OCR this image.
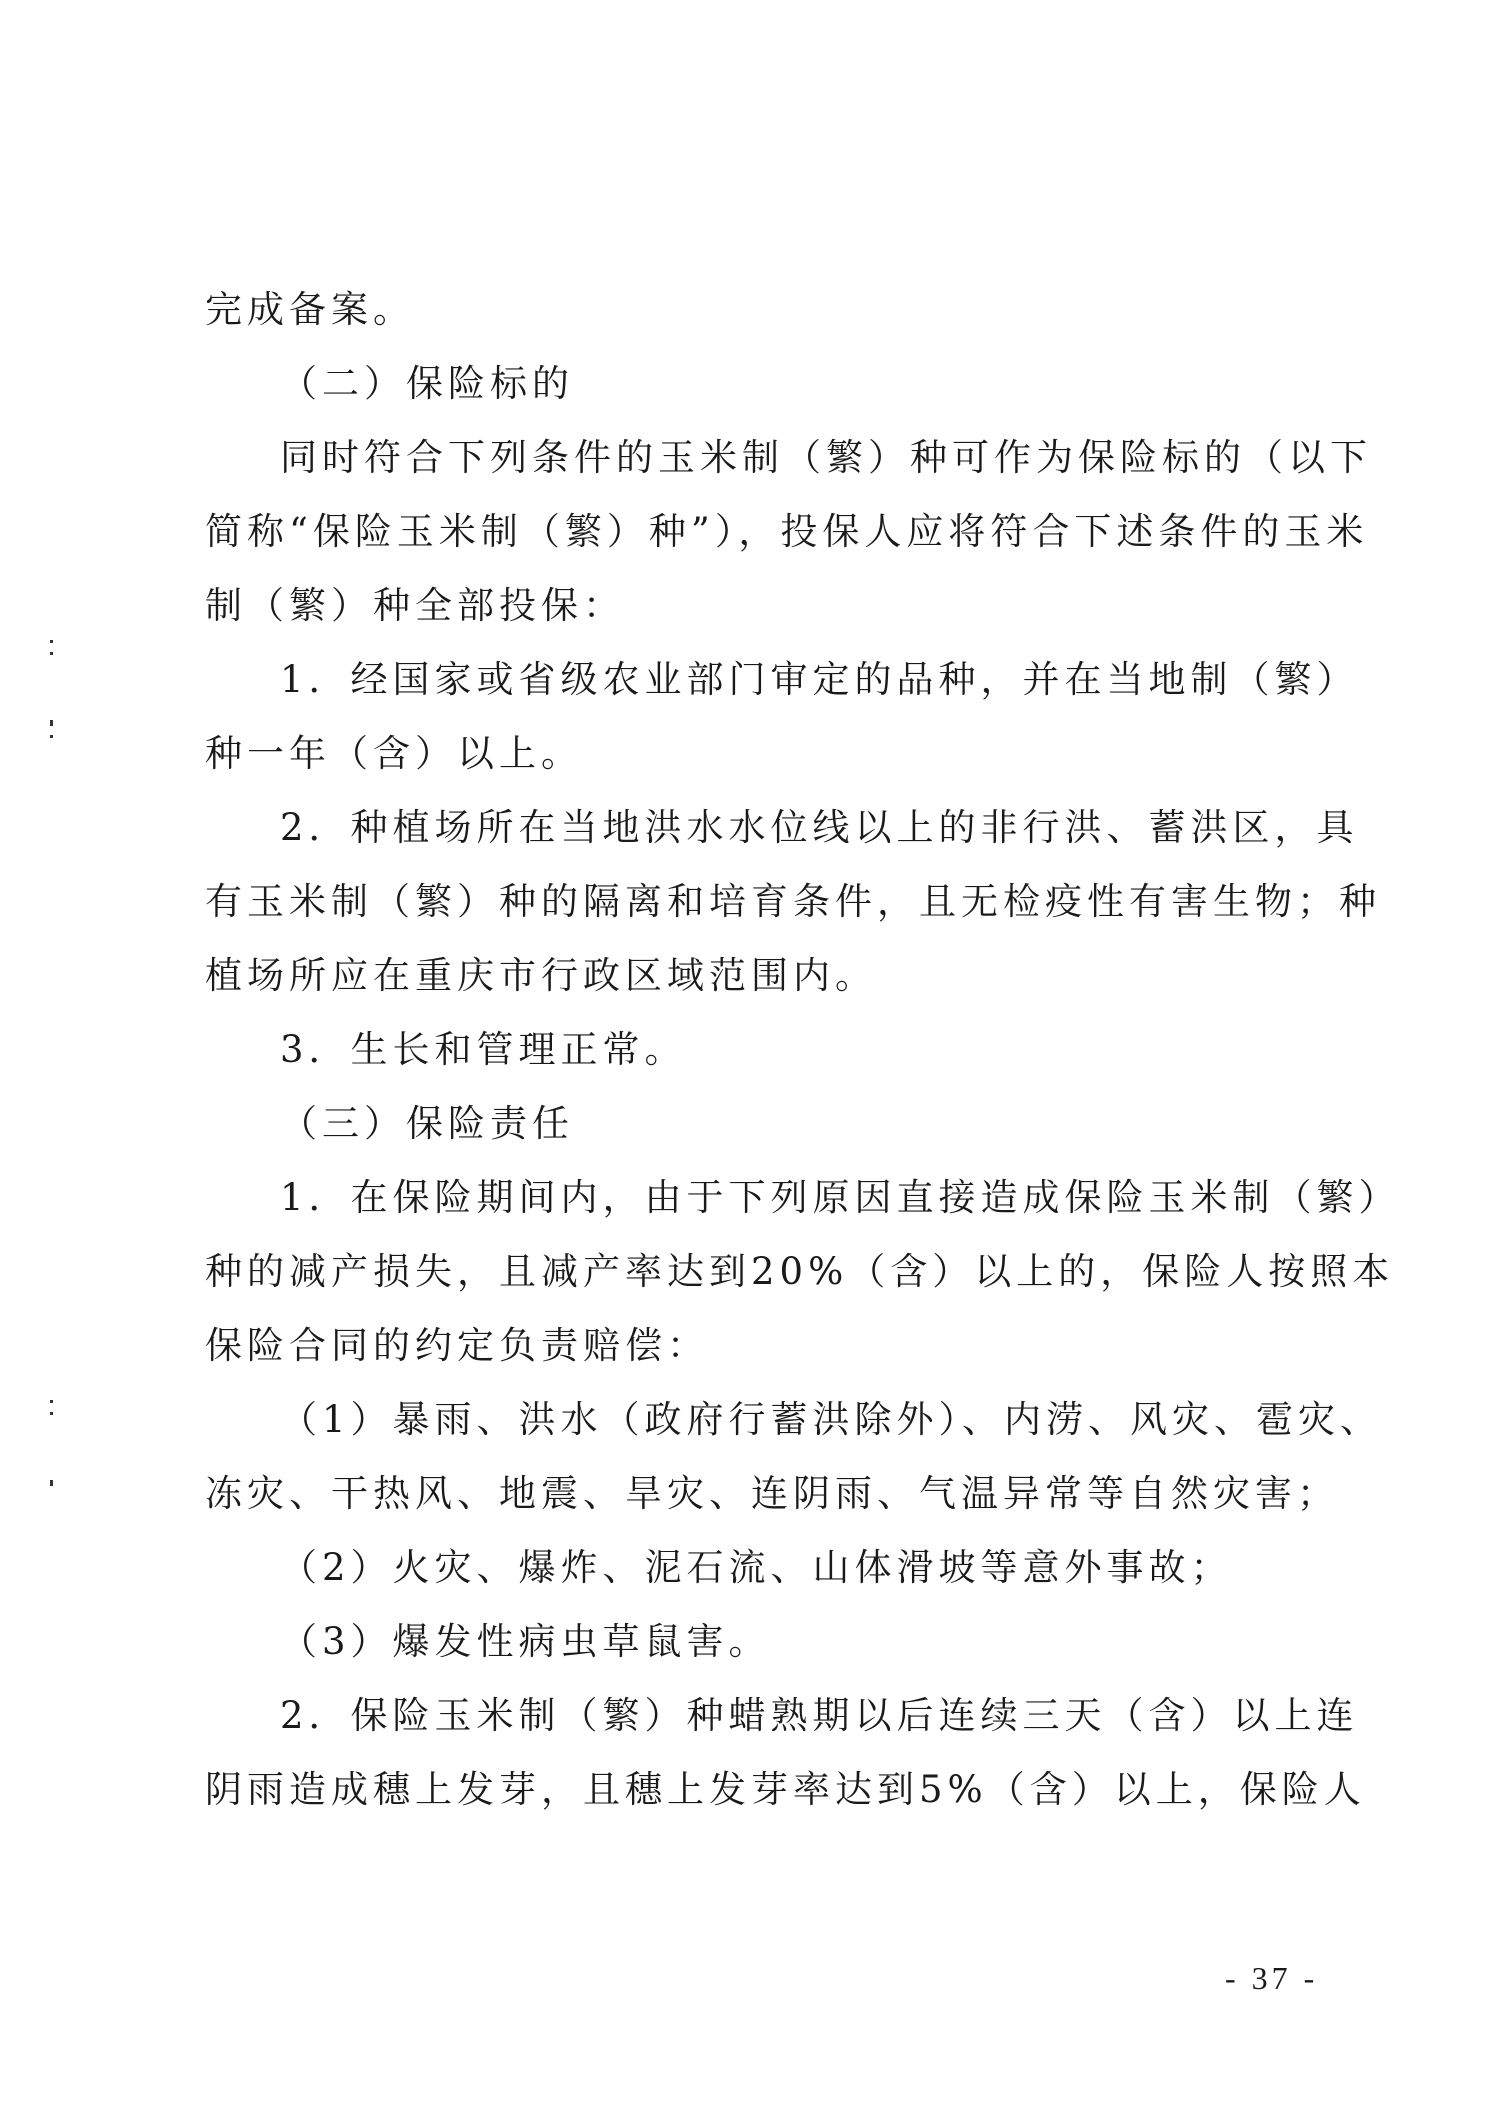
完成备案。
（二）保险标的
同时符合下列条件的玉米制（繁）种可作为保险标的（以下
简称“保险玉米制（繁）种”），投保人应将符合下述条件的玉米
制（繁）种全部投保：
1．经国家或省级农业部门审定的品种，并在当地制（繁）
种一年（含）以上。
2．种植场所在当地洪水水位线以上的非行洪、蓄洪区，具
有玉米制（繁）种的隔离和培育条件，且无检疫性有害生物；种
植场所应在重庆市行政区域范围内。
3．生长和管理正常。
（三）保险责任
1．在保险期间内，由于下列原因直接造成保险玉米制（繁）
种的减产损失，且减产率达到20%（含）以上的，保险人按照本
保险合同的约定负责赔偿：
（1）暴雨、洪水（政府行蓄洪除外）、内涝、风灾、雹灾、
冻灾、干热风、地震、旱灾、连阴雨、气温异常等自然灾害；
（2）火灾、爆炸、泥石流、山体滑坡等意外事故；
（3）爆发性病虫草鼠害。
2．保险玉米制（繁）种蜡熟期以后连续三天（含）以上连
阴雨造成穗上发芽，且穗上发芽率达到5%（含）以上，保险人
- 37 -
